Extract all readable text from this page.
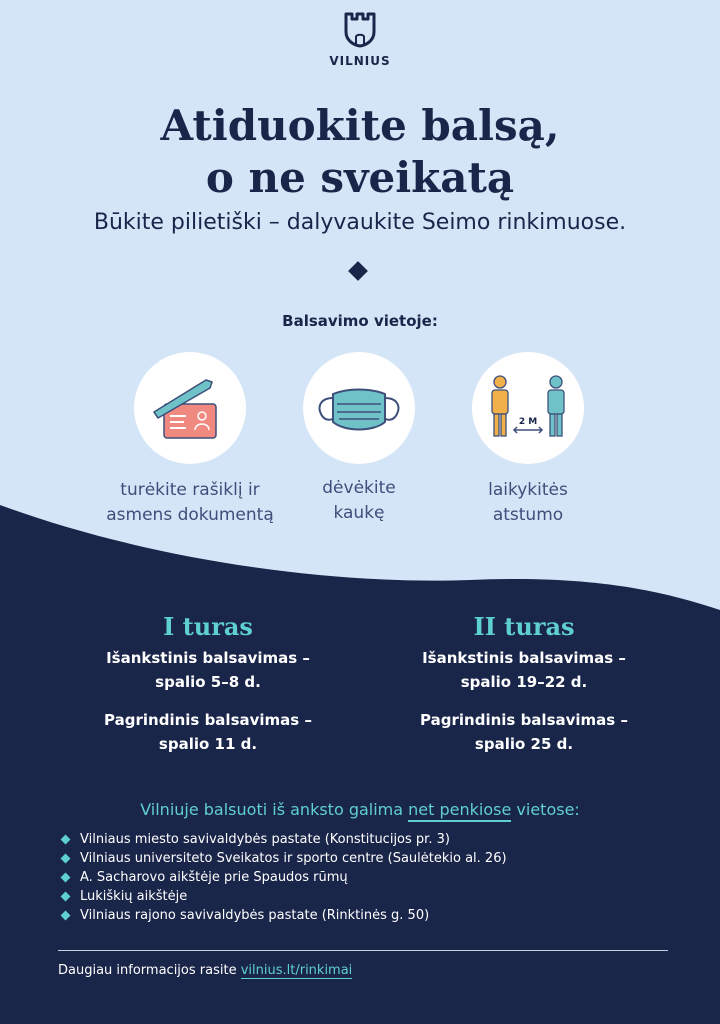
VILNIUS
Atiduokite balsą,
o ne sveikatą
Būkite pilietiški – dalyvaukite Seimo rinkimuose.
Balsavimo vietoje:
2 M
turėkite rašiklį ir
asmens dokumentą
dėvėkite
kaukę
laikykitės
atstumo
I turas
Išankstinis balsavimas –
spalio 5–8 d.
Pagrindinis balsavimas –
spalio 11 d.
II turas
Išankstinis balsavimas –
spalio 19–22 d.
Pagrindinis balsavimas –
spalio 25 d.
Vilniuje balsuoti iš anksto galima net penkiose vietose:
Vilniaus miesto savivaldybės pastate (Konstitucijos pr. 3)
Vilniaus universiteto Sveikatos ir sporto centre (Saulėtekio al. 26)
A. Sacharovo aikštėje prie Spaudos rūmų
Lukiškių aikštėje
Vilniaus rajono savivaldybės pastate (Rinktinės g. 50)
Daugiau informacijos rasite vilnius.lt/rinkimai
